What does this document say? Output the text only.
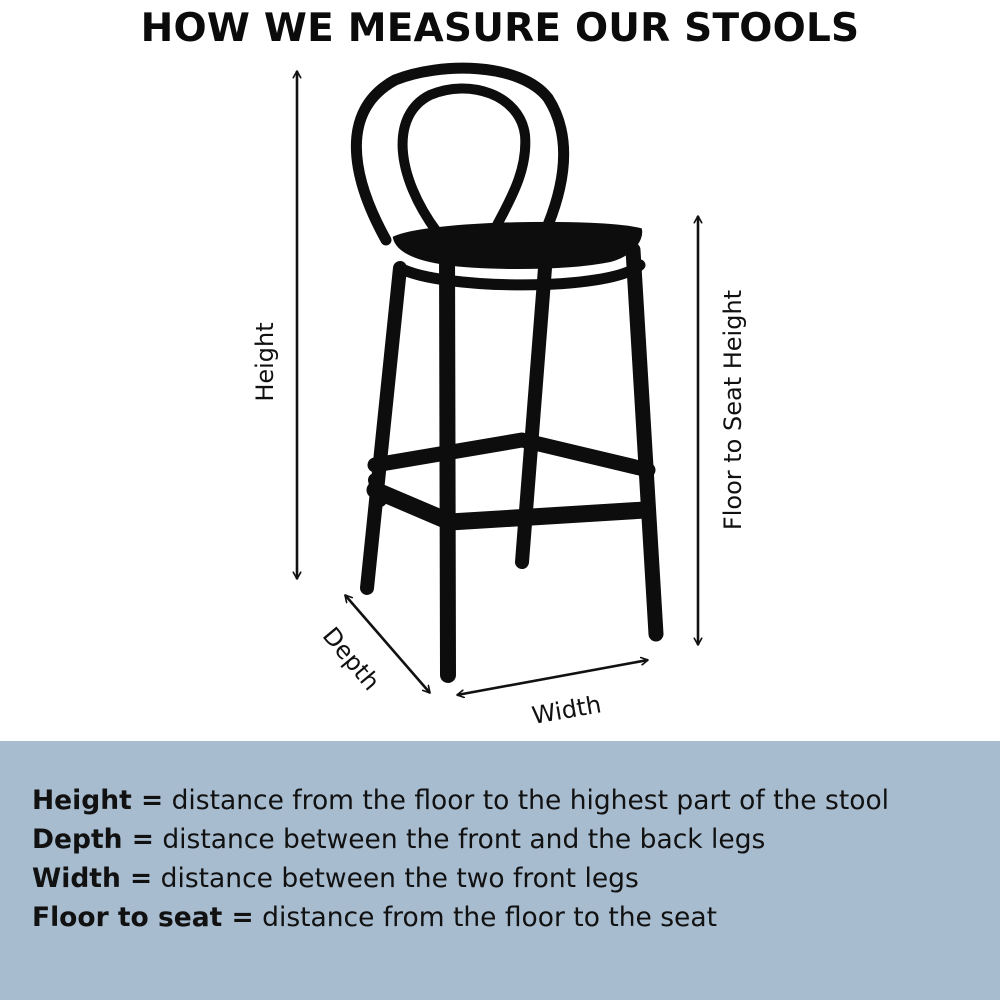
HOW WE MEASURE OUR STOOLS
Height	Floor to Seat Height
Depth
Width
Height = distance from the floor to the highest part of the stool
Depth = distance between the front and the back legs
Width = distance between the two front legs
Floor to seat = distance from the floor to the seat
